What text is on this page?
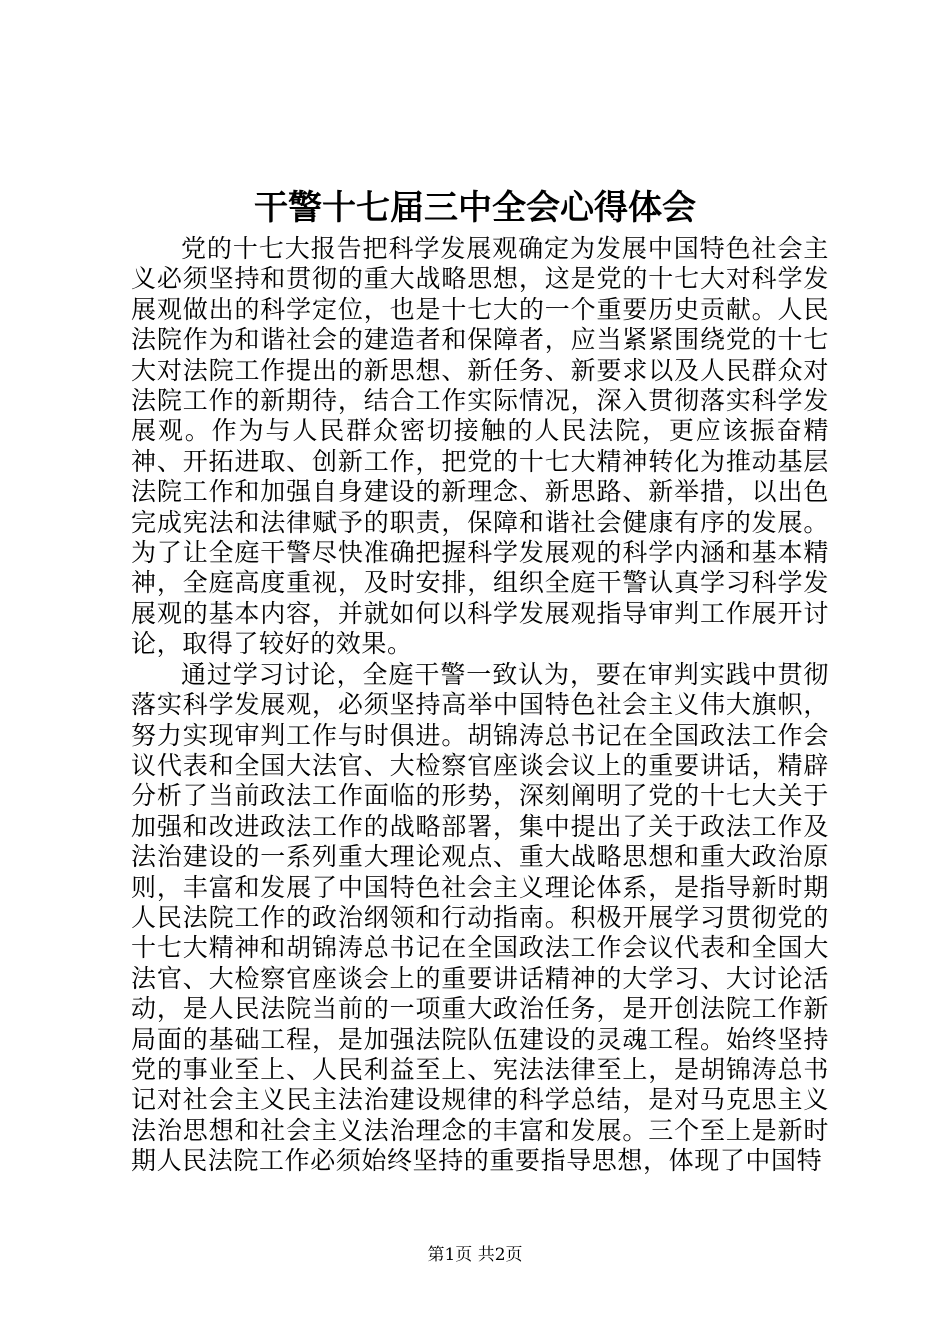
干警十七届三中全会心得体会

党的十七大报告把科学发展观确定为发展中国特色社会主义必须坚持和贯彻的重大战略思想，这是党的十七大对科学发展观做出的科学定位，也是十七大的一个重要历史贡献。人民法院作为和谐社会的建造者和保障者，应当紧紧围绕党的十七大对法院工作提出的新思想、新任务、新要求以及人民群众对法院工作的新期待，结合工作实际情况，深入贯彻落实科学发展观。作为与人民群众密切接触的人民法院，更应该振奋精神、开拓进取、创新工作，把党的十七大精神转化为推动基层法院工作和加强自身建设的新理念、新思路、新举措，以出色完成宪法和法律赋予的职责，保障和谐社会健康有序的发展。为了让全庭干警尽快准确把握科学发展观的科学内涵和基本精神，全庭高度重视，及时安排，组织全庭干警认真学习科学发展观的基本内容，并就如何以科学发展观指导审判工作展开讨论，取得了较好的效果。

通过学习讨论，全庭干警一致认为，要在审判实践中贯彻落实科学发展观，必须坚持高举中国特色社会主义伟大旗帜，努力实现审判工作与时俱进。胡锦涛总书记在全国政法工作会议代表和全国大法官、大检察官座谈会议上的重要讲话，精辟分析了当前政法工作面临的形势，深刻阐明了党的十七大关于加强和改进政法工作的战略部署，集中提出了关于政法工作及法治建设的一系列重大理论观点、重大战略思想和重大政治原则，丰富和发展了中国特色社会主义理论体系，是指导新时期人民法院工作的政治纲领和行动指南。积极开展学习贯彻党的十七大精神和胡锦涛总书记在全国政法工作会议代表和全国大法官、大检察官座谈会上的重要讲话精神的大学习、大讨论活动，是人民法院当前的一项重大政治任务，是开创法院工作新局面的基础工程，是加强法院队伍建设的灵魂工程。始终坚持党的事业至上、人民利益至上、宪法法律至上，是胡锦涛总书记对社会主义民主法治建设规律的科学总结，是对马克思主义法治思想和社会主义法治理念的丰富和发展。三个至上是新时期人民法院工作必须始终坚持的重要指导思想，体现了中国特

第1页 共2页
